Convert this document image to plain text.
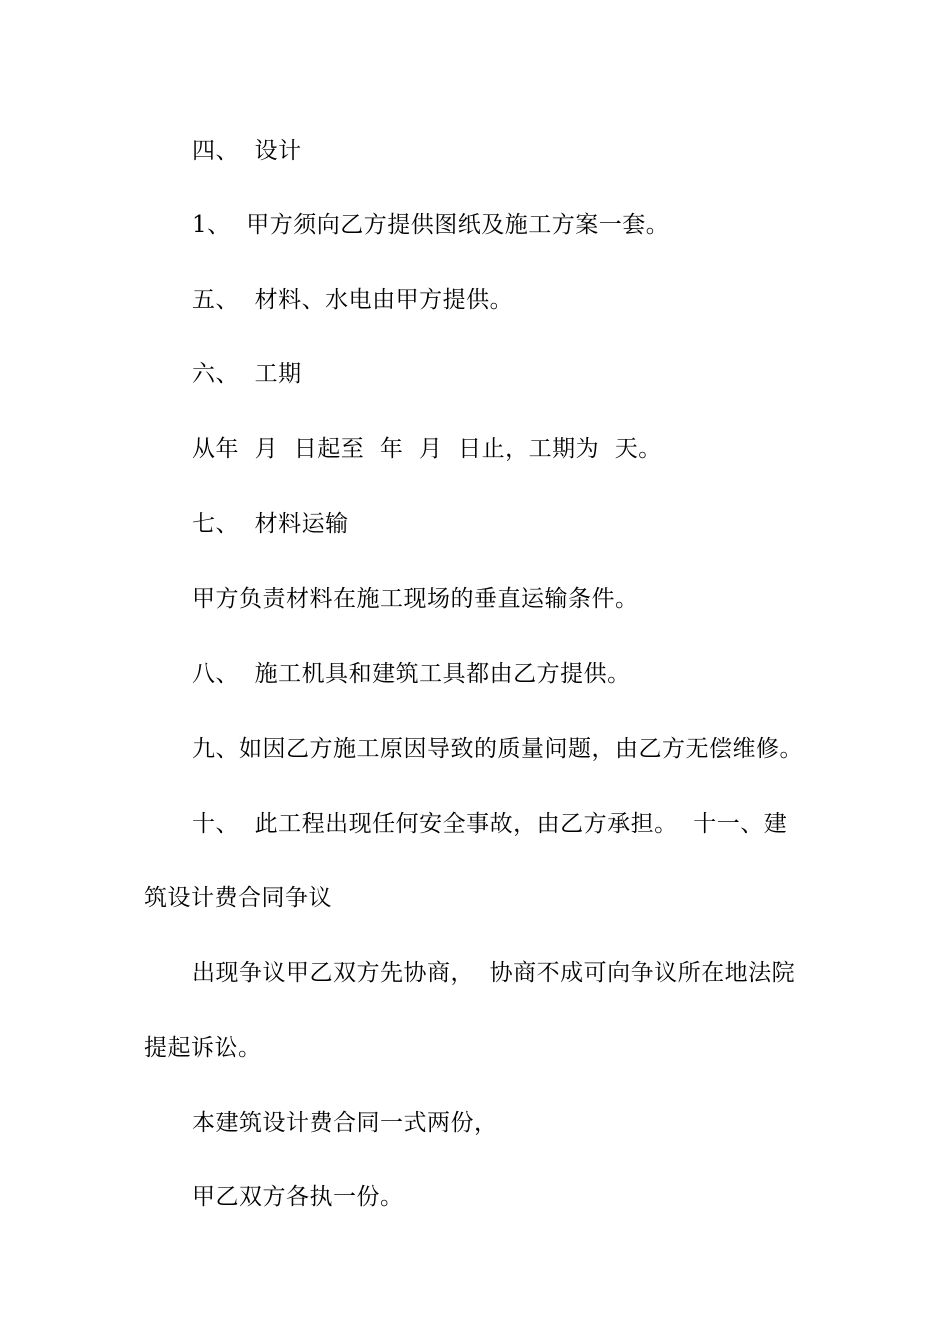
四、  设计
1、  甲方须向乙方提供图纸及施工方案一套。
五、  材料、水电由甲方提供。
六、  工期
从年  月  日起至  年  月  日止，工期为  天。
七、  材料运输
甲方负责材料在施工现场的垂直运输条件。
八、  施工机具和建筑工具都由乙方提供。
九、如因乙方施工原因导致的质量问题，由乙方无偿维修。
十、  此工程出现任何安全事故，由乙方承担。  十一、建
筑设计费合同争议
出现争议甲乙双方先协商，  协商不成可向争议所在地法院
提起诉讼。
本建筑设计费合同一式两份，
甲乙双方各执一份。
